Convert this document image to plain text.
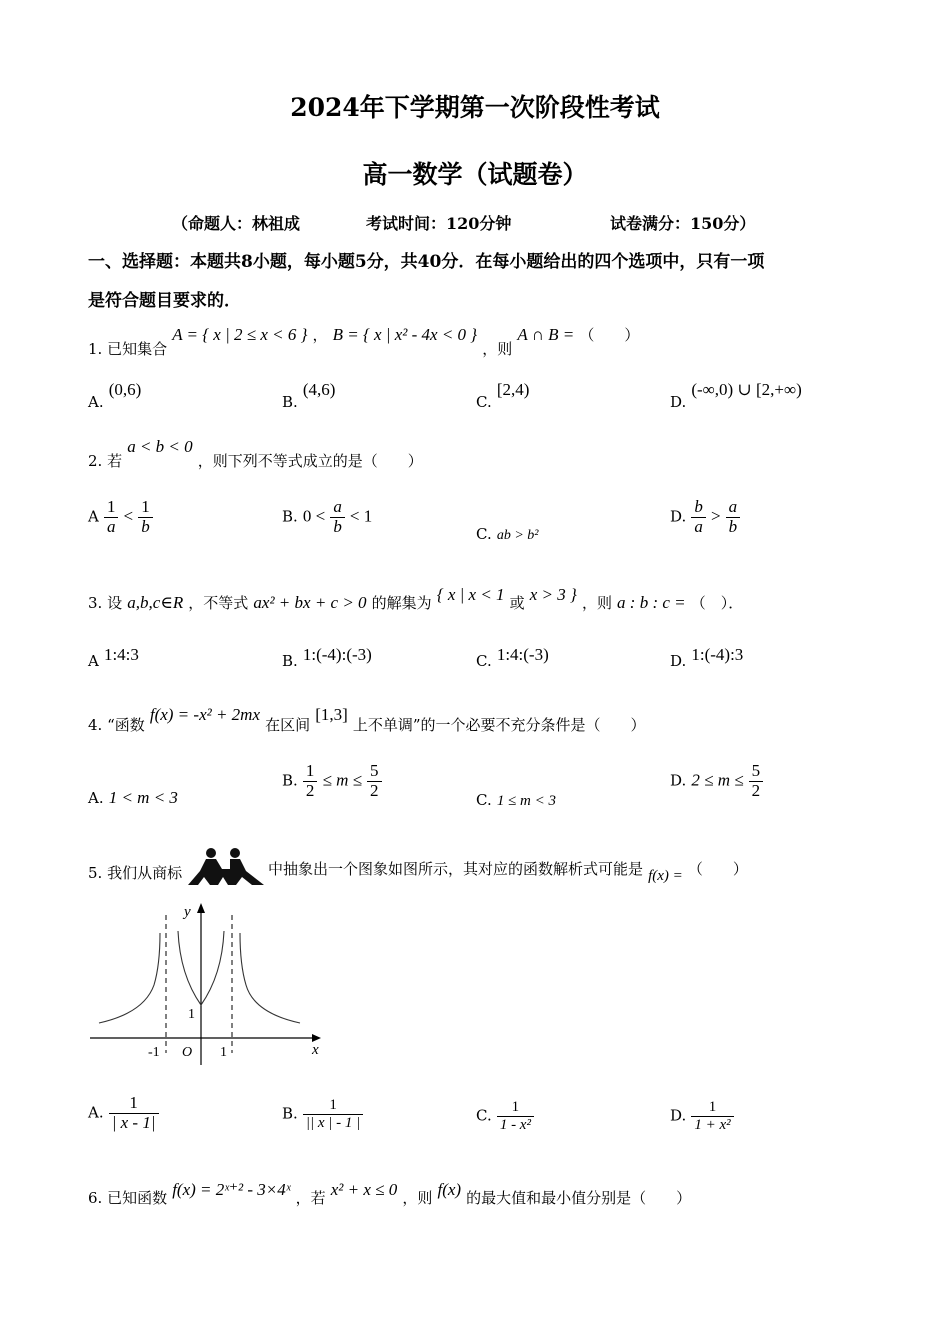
2024年下学期第一次阶段性考试
高一数学（试题卷）
（命题人：林祖成	考试时间：120分钟	试卷满分：150分）
一、选择题：本题共8小题，每小题5分，共40分．在每小题给出的四个选项中，只有一项
是符合题目要求的．
1. 已知集合 A = { x | 2 ≤ x < 6 } ， B = { x | x² - 4x < 0 } ，则 A ∩ B = （　　）
A. (0,6)
B. (4,6)
C. [2,4)
D. (-∞,0) ∪ [2,+∞)
2. 若 a < b < 0 ，则下列不等式成立的是（　　）
A $\frac{1}{a} < \frac{1}{b}$	B. $0 < \frac{a}{b} < 1$
C. ab > b²
D. $\frac{b}{a} > \frac{a}{b}$
3. 设 a,b,c∈R ，不等式 ax² + bx + c > 0 的解集为 { x | x < 1 或 x > 3 } ，则 a : b : c = （　）．
A 1:4:3	B. 1:(-4):(-3)	C. 1:4:(-3)	D. 1:(-4):3
4. “函数 f(x) = -x² + 2mx 在区间 [1,3] 上不单调”的一个必要不充分条件是（　　）
A. 1 < m < 3
B. $\frac{1}{2} \le m \le \frac{5}{2}$	C. 1 ≤ m < 3
D. $2 \le m \le \frac{5}{2}$
5. 我们从商标	中抽象出一个图象如图所示，其对应的函数解析式可能是 f(x) = （　　）
y
x
1
-1 O 1
A. $\frac{1}{| x - 1|}$	B. $\frac{1}{|| x | - 1 |}$	C. $\frac{1}{\text{1 - x²}}$	D. $\frac{1}{\text{1 + x²}}$
6. 已知函数 f(x) = 2ˣ⁺² - 3×4ˣ ，若 x² + x ≤ 0 ，则 f(x) 的最大值和最小值分别是（　　）
